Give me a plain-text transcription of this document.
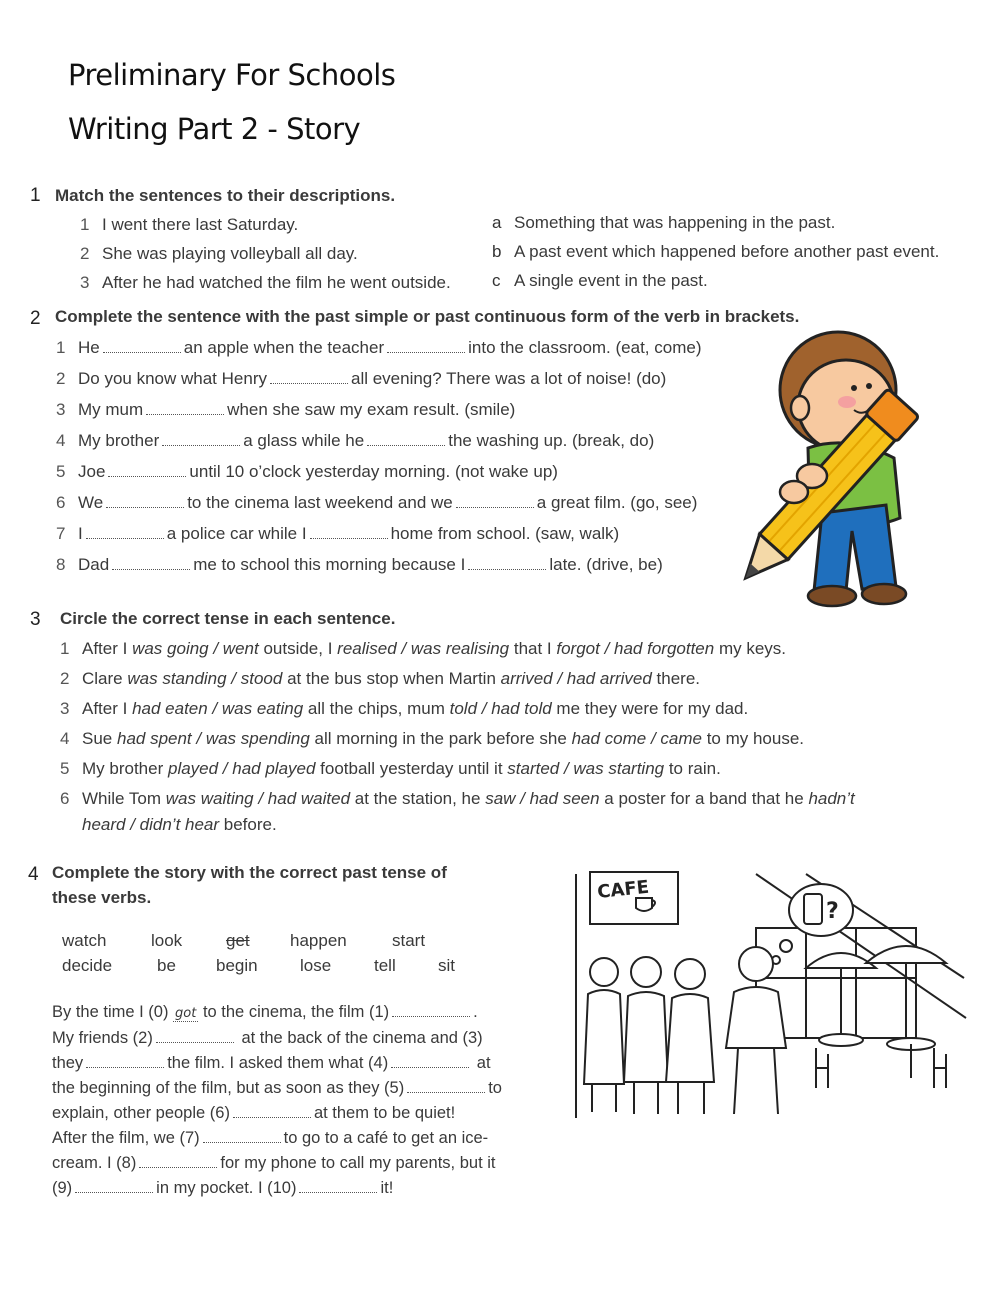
Preliminary For Schools
Writing Part 2 - Story
1 Match the sentences to their descriptions.
1 I went there last Saturday.
2 She was playing volleyball all day.
3 After he had watched the film he went outside.
a Something that was happening in the past.
b A past event which happened before another past event.
c A single event in the past.
2 Complete the sentence with the past simple or past continuous form of the verb in brackets.
1 He	an apple when the teacher	into the classroom. (eat, come)
2 Do you know what Henry	all evening? There was a lot of noise! (do)
3 My mum	when she saw my exam result. (smile)
4 My brother	a glass while he	the washing up. (break, do)
5 Joe	until 10 o’clock yesterday morning. (not wake up)
6 We	to the cinema last weekend and we	a great film. (go, see)
7 I	a police car while I	home from school. (saw, walk)
8 Dad	me to school this morning because I	late. (drive, be)
3 Circle the correct tense in each sentence.
1 After I was going / went outside, I realised / was realising that I forgot / had forgotten my keys.
2 Clare was standing / stood at the bus stop when Martin arrived / had arrived there.
3 After I had eaten / was eating all the chips, mum told / had told me they were for my dad.
4 Sue had spent / was spending all morning in the park before she had come / came to my house.
5 My brother played / had played football yesterday until it started / was starting to rain.
6 While Tom was waiting / had waited at the station, he saw / had seen a poster for a band that he hadn’t
heard / didn’t hear before.
4 Complete the story with the correct past tense of
these verbs.
watch	look	get happen	start
decide	be begin lose	tell sit
By the time I (0) got to the cinema, the film (1)	.
My friends (2)	at the back of the cinema and (3)
they	the film. I asked them what (4)	at
the beginning of the film, but as soon as they (5)	to
explain, other people (6)	at them to be quiet!
After the film, we (7)	to go to a café to get an ice-
cream. I (8)	for my phone to call my parents, but it
(9)	in my pocket. I (10)	it!
CAFE
?
